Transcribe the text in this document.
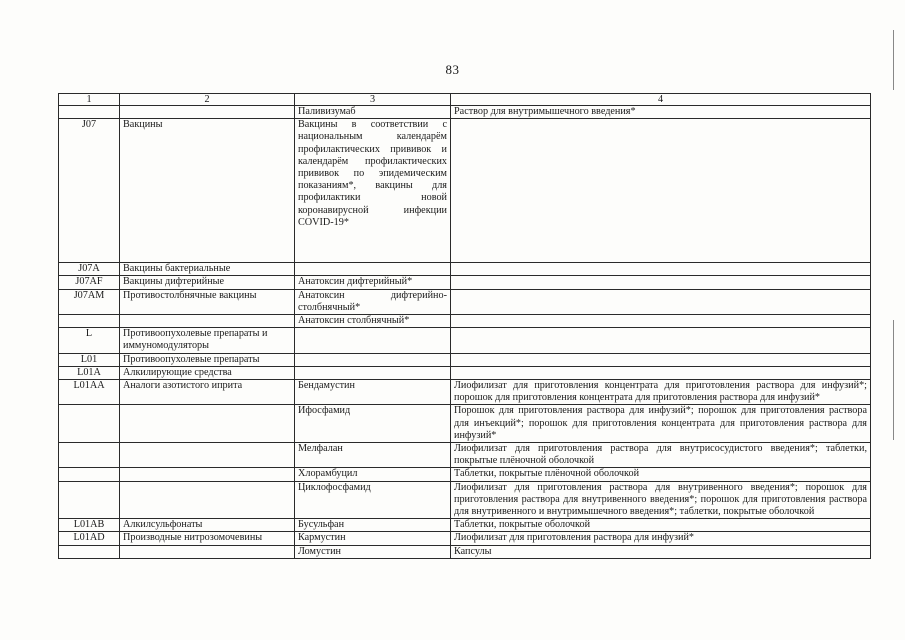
83
1	2	3	4
		Паливизумаб	Раствор для внутримышечного введения*
J07	Вакцины	Вакцины в соответствии с национальным календарём профилактических прививок и календарём профилактических прививок по эпидемическим показаниям*, вакцины для профилактики новой коронавирусной инфекции COVID-19*	
J07A	Вакцины бактериальные		
J07AF	Вакцины дифтерийные	Анатоксин дифтерийный*	
J07AM	Противостолбнячные вакцины	Анатоксин дифтерийно-столбнячный*	
		Анатоксин столбнячный*	
L	Противоопухолевые препараты и иммуномодуляторы		
L01	Противоопухолевые препараты		
L01A	Алкилирующие средства		
L01AA	Аналоги азотистого иприта	Бендамустин	Лиофилизат для приготовления концентрата для приготовления раствора для инфузий*; порошок для приготовления концентрата для приготовления раствора для инфузий*
		Ифосфамид	Порошок для приготовления раствора для инфузий*; порошок для приготовления раствора для инъекций*; порошок для приготовления концентрата для приготовления раствора для инфузий*
		Мелфалан	Лиофилизат для приготовления раствора для внутрисосудистого введения*; таблетки, покрытые плёночной оболочкой
		Хлорамбуцил	Таблетки, покрытые плёночной оболочкой
		Циклофосфамид	Лиофилизат для приготовления раствора для внутривенного введения*; порошок для приготовления раствора для внутривенного введения*; порошок для приготовления раствора для внутривенного и внутримышечного введения*; таблетки, покрытые оболочкой
L01AB	Алкилсульфонаты	Бусульфан	Таблетки, покрытые оболочкой
L01AD	Производные нитрозомочевины	Кармустин	Лиофилизат для приготовления раствора для инфузий*
		Ломустин	Капсулы
